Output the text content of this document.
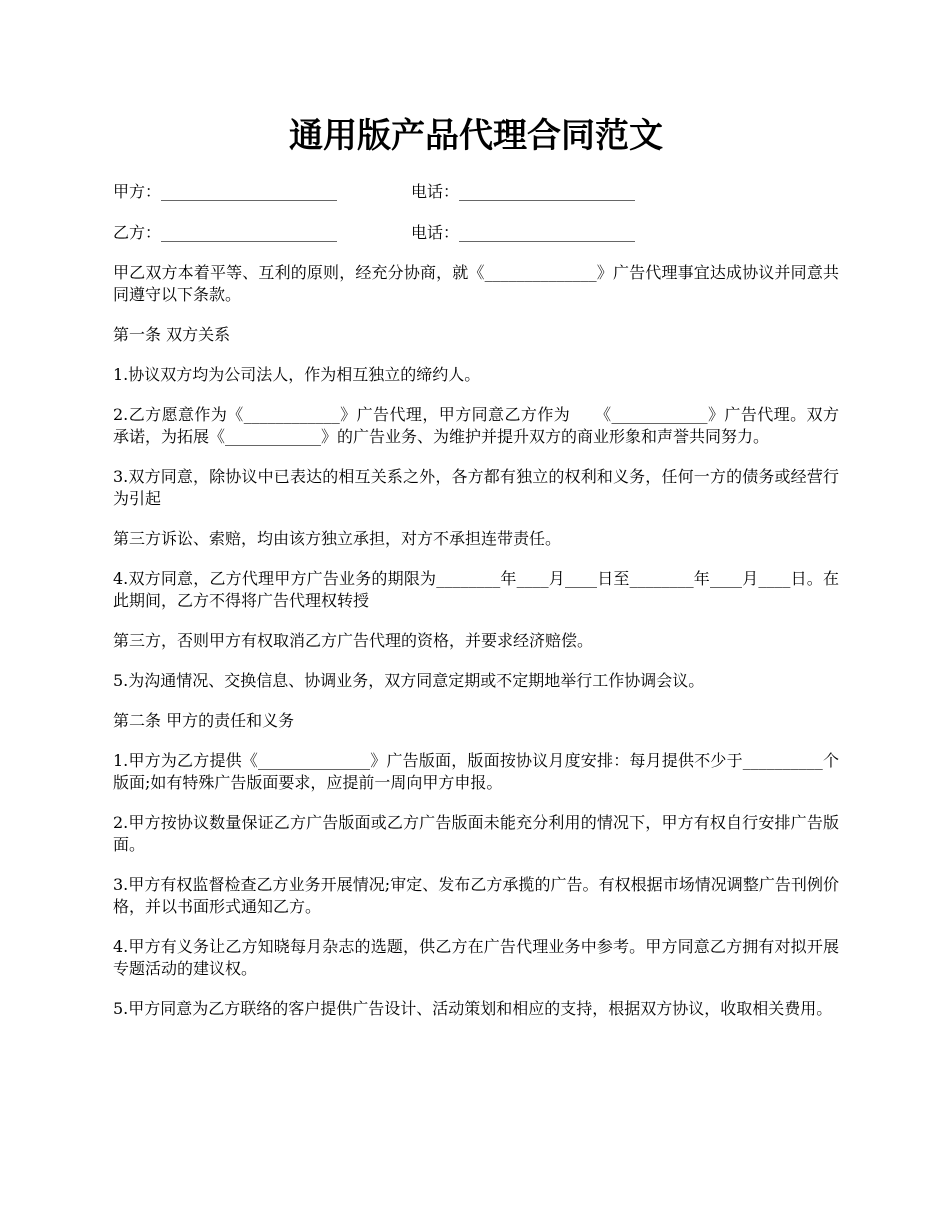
通用版产品代理合同范文
甲方：______________________	电话：______________________
乙方：______________________	电话：______________________

甲乙双方本着平等、互利的原则，经充分协商，就《______________》广告代理事宜达成协议并同意共同遵守以下条款。

第一条 双方关系

1.协议双方均为公司法人，作为相互独立的缔约人。

2.乙方愿意作为《____________》广告代理，甲方同意乙方作为　　《____________》广告代理。双方承诺，为拓展《____________》的广告业务、为维护并提升双方的商业形象和声誉共同努力。

3.双方同意，除协议中已表达的相互关系之外，各方都有独立的权利和义务，任何一方的债务或经营行为引起

第三方诉讼、索赔，均由该方独立承担，对方不承担连带责任。

4.双方同意，乙方代理甲方广告业务的期限为________年____月____日至________年____月____日。在此期间，乙方不得将广告代理权转授

第三方，否则甲方有权取消乙方广告代理的资格，并要求经济赔偿。

5.为沟通情况、交换信息、协调业务，双方同意定期或不定期地举行工作协调会议。

第二条 甲方的责任和义务

1.甲方为乙方提供《______________》广告版面，版面按协议月度安排：每月提供不少于__________个版面;如有特殊广告版面要求，应提前一周向甲方申报。

2.甲方按协议数量保证乙方广告版面或乙方广告版面未能充分利用的情况下，甲方有权自行安排广告版面。

3.甲方有权监督检查乙方业务开展情况;审定、发布乙方承揽的广告。有权根据市场情况调整广告刊例价格，并以书面形式通知乙方。

4.甲方有义务让乙方知晓每月杂志的选题，供乙方在广告代理业务中参考。甲方同意乙方拥有对拟开展专题活动的建议权。

5.甲方同意为乙方联络的客户提供广告设计、活动策划和相应的支持，根据双方协议，收取相关费用。
